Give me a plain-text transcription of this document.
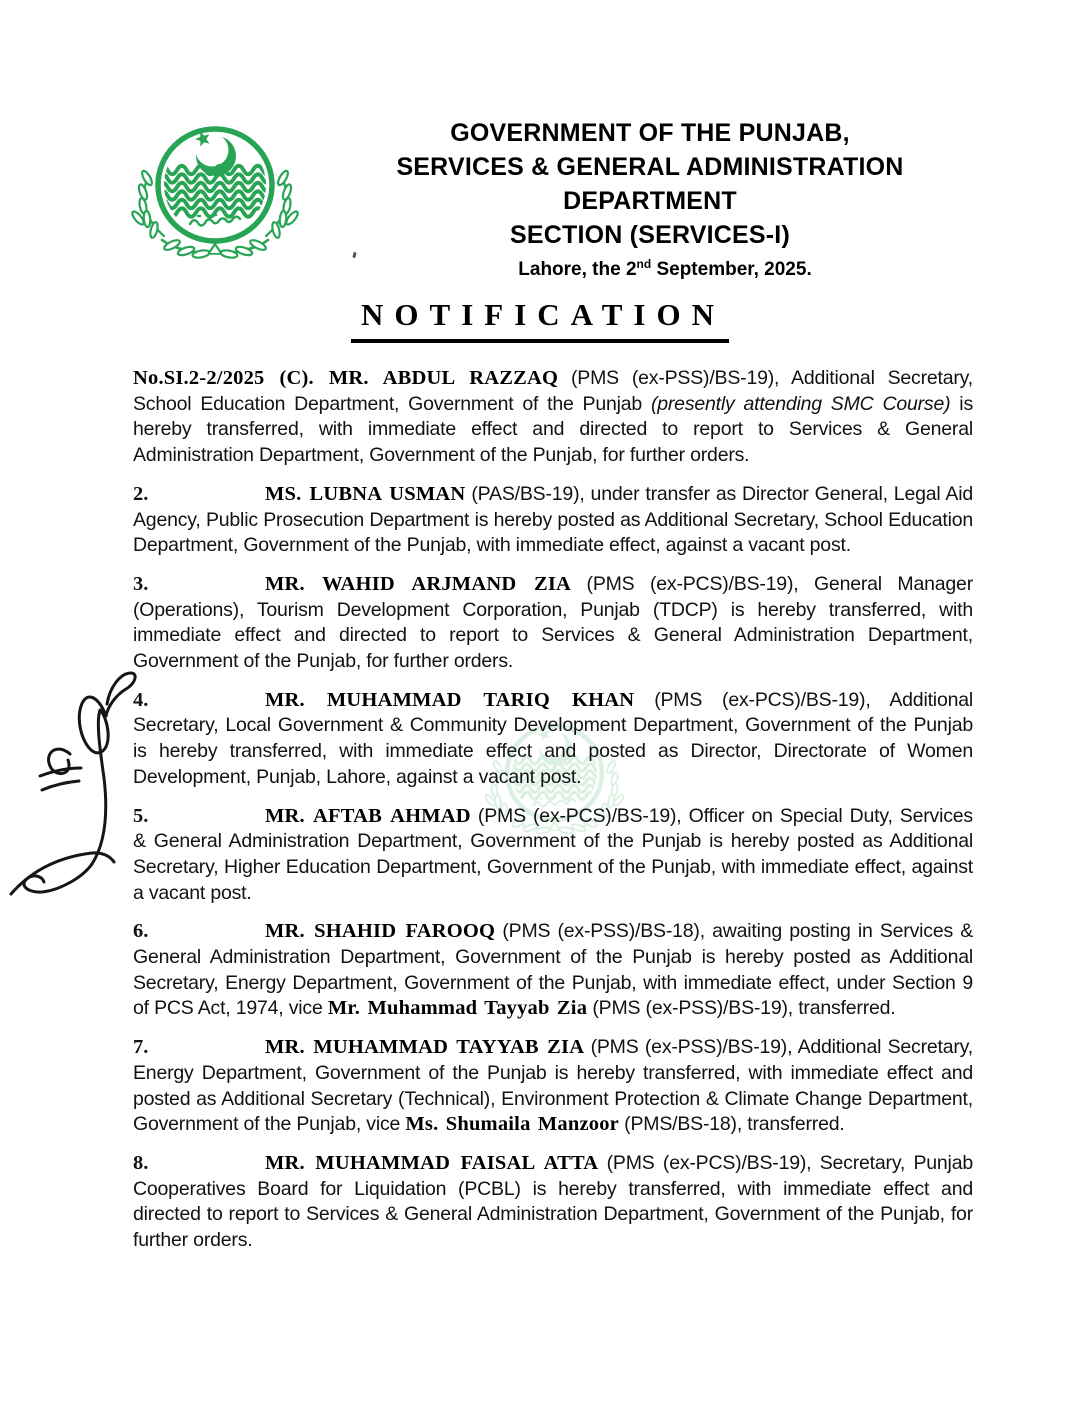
GOVERNMENT OF THE PUNJAB,
SERVICES & GENERAL ADMINISTRATION
DEPARTMENT
SECTION (SERVICES-I)
Lahore, the 2nd September, 2025.
NOTIFICATION

No.SI.2-2/2025 (C). MR. ABDUL RAZZAQ (PMS (ex-PSS)/BS-19), Additional Secretary, School Education Department, Government of the Punjab (presently attending SMC Course) is hereby transferred, with immediate effect and directed to report to Services & General Administration Department, Government of the Punjab, for further orders.

2.	MS. LUBNA USMAN (PAS/BS-19), under transfer as Director General, Legal Aid Agency, Public Prosecution Department is hereby posted as Additional Secretary, School Education Department, Government of the Punjab, with immediate effect, against a vacant post.

3.	MR. WAHID ARJMAND ZIA (PMS (ex-PCS)/BS-19), General Manager (Operations), Tourism Development Corporation, Punjab (TDCP) is hereby transferred, with immediate effect and directed to report to Services & General Administration Department, Government of the Punjab, for further orders.

4.	MR. MUHAMMAD TARIQ KHAN (PMS (ex-PCS)/BS-19), Additional Secretary, Local Government & Community Development Department, Government of the Punjab is hereby transferred, with immediate effect and posted as Director, Directorate of Women Development, Punjab, Lahore, against a vacant post.

5.	MR. AFTAB AHMAD (PMS (ex-PCS)/BS-19), Officer on Special Duty, Services & General Administration Department, Government of the Punjab is hereby posted as Additional Secretary, Higher Education Department, Government of the Punjab, with immediate effect, against a vacant post.

6.	MR. SHAHID FAROOQ (PMS (ex-PSS)/BS-18), awaiting posting in Services & General Administration Department, Government of the Punjab is hereby posted as Additional Secretary, Energy Department, Government of the Punjab, with immediate effect, under Section 9 of PCS Act, 1974, vice Mr. Muhammad Tayyab Zia (PMS (ex-PSS)/BS-19), transferred.

7.	MR. MUHAMMAD TAYYAB ZIA (PMS (ex-PSS)/BS-19), Additional Secretary, Energy Department, Government of the Punjab is hereby transferred, with immediate effect and posted as Additional Secretary (Technical), Environment Protection & Climate Change Department, Government of the Punjab, vice Ms. Shumaila Manzoor (PMS/BS-18), transferred.

8.	MR. MUHAMMAD FAISAL ATTA (PMS (ex-PCS)/BS-19), Secretary, Punjab Cooperatives Board for Liquidation (PCBL) is hereby transferred, with immediate effect and directed to report to Services & General Administration Department, Government of the Punjab, for further orders.
